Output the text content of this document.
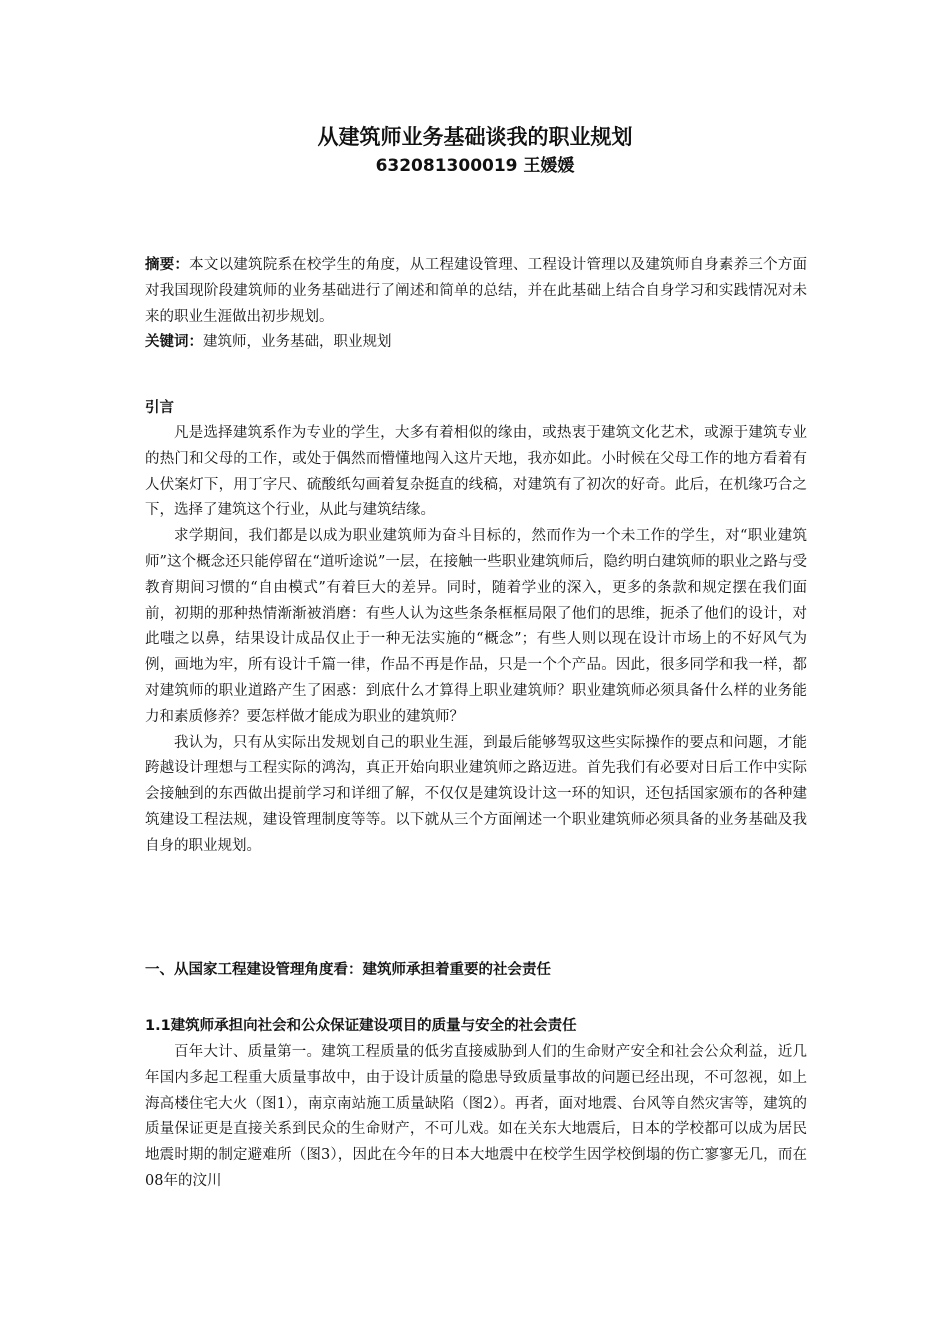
从建筑师业务基础谈我的职业规划
632081300019 王媛媛

摘要：本文以建筑院系在校学生的角度，从工程建设管理、工程设计管理以及建筑师自身素养三个方面对我国现阶段建筑师的业务基础进行了阐述和简单的总结，并在此基础上结合自身学习和实践情况对未来的职业生涯做出初步规划。

关键词：建筑师，业务基础，职业规划

引言

凡是选择建筑系作为专业的学生，大多有着相似的缘由，或热衷于建筑文化艺术，或源于建筑专业的热门和父母的工作，或处于偶然而懵懂地闯入这片天地，我亦如此。小时候在父母工作的地方看着有人伏案灯下，用丁字尺、硫酸纸勾画着复杂挺直的线稿，对建筑有了初次的好奇。此后，在机缘巧合之下，选择了建筑这个行业，从此与建筑结缘。

求学期间，我们都是以成为职业建筑师为奋斗目标的，然而作为一个未工作的学生，对“职业建筑师”这个概念还只能停留在“道听途说”一层，在接触一些职业建筑师后，隐约明白建筑师的职业之路与受教育期间习惯的“自由模式”有着巨大的差异。同时，随着学业的深入，更多的条款和规定摆在我们面前，初期的那种热情渐渐被消磨：有些人认为这些条条框框局限了他们的思维，扼杀了他们的设计，对此嗤之以鼻，结果设计成品仅止于一种无法实施的“概念”；有些人则以现在设计市场上的不好风气为例，画地为牢，所有设计千篇一律，作品不再是作品，只是一个个产品。因此，很多同学和我一样，都对建筑师的职业道路产生了困惑：到底什么才算得上职业建筑师？职业建筑师必须具备什么样的业务能力和素质修养？要怎样做才能成为职业的建筑师？

我认为，只有从实际出发规划自己的职业生涯，到最后能够驾驭这些实际操作的要点和问题，才能跨越设计理想与工程实际的鸿沟，真正开始向职业建筑师之路迈进。首先我们有必要对日后工作中实际会接触到的东西做出提前学习和详细了解，不仅仅是建筑设计这一环的知识，还包括国家颁布的各种建筑建设工程法规，建设管理制度等等。以下就从三个方面阐述一个职业建筑师必须具备的业务基础及我自身的职业规划。

一、从国家工程建设管理角度看：建筑师承担着重要的社会责任
1.1建筑师承担向社会和公众保证建设项目的质量与安全的社会责任

百年大计、质量第一。建筑工程质量的低劣直接威胁到人们的生命财产安全和社会公众利益，近几年国内多起工程重大质量事故中，由于设计质量的隐患导致质量事故的问题已经出现，不可忽视，如上海高楼住宅大火（图1），南京南站施工质量缺陷（图2）。再者，面对地震、台风等自然灾害等，建筑的质量保证更是直接关系到民众的生命财产，不可儿戏。如在关东大地震后，日本的学校都可以成为居民地震时期的制定避难所（图3），因此在今年的日本大地震中在校学生因学校倒塌的伤亡寥寥无几，而在08年的汶川
